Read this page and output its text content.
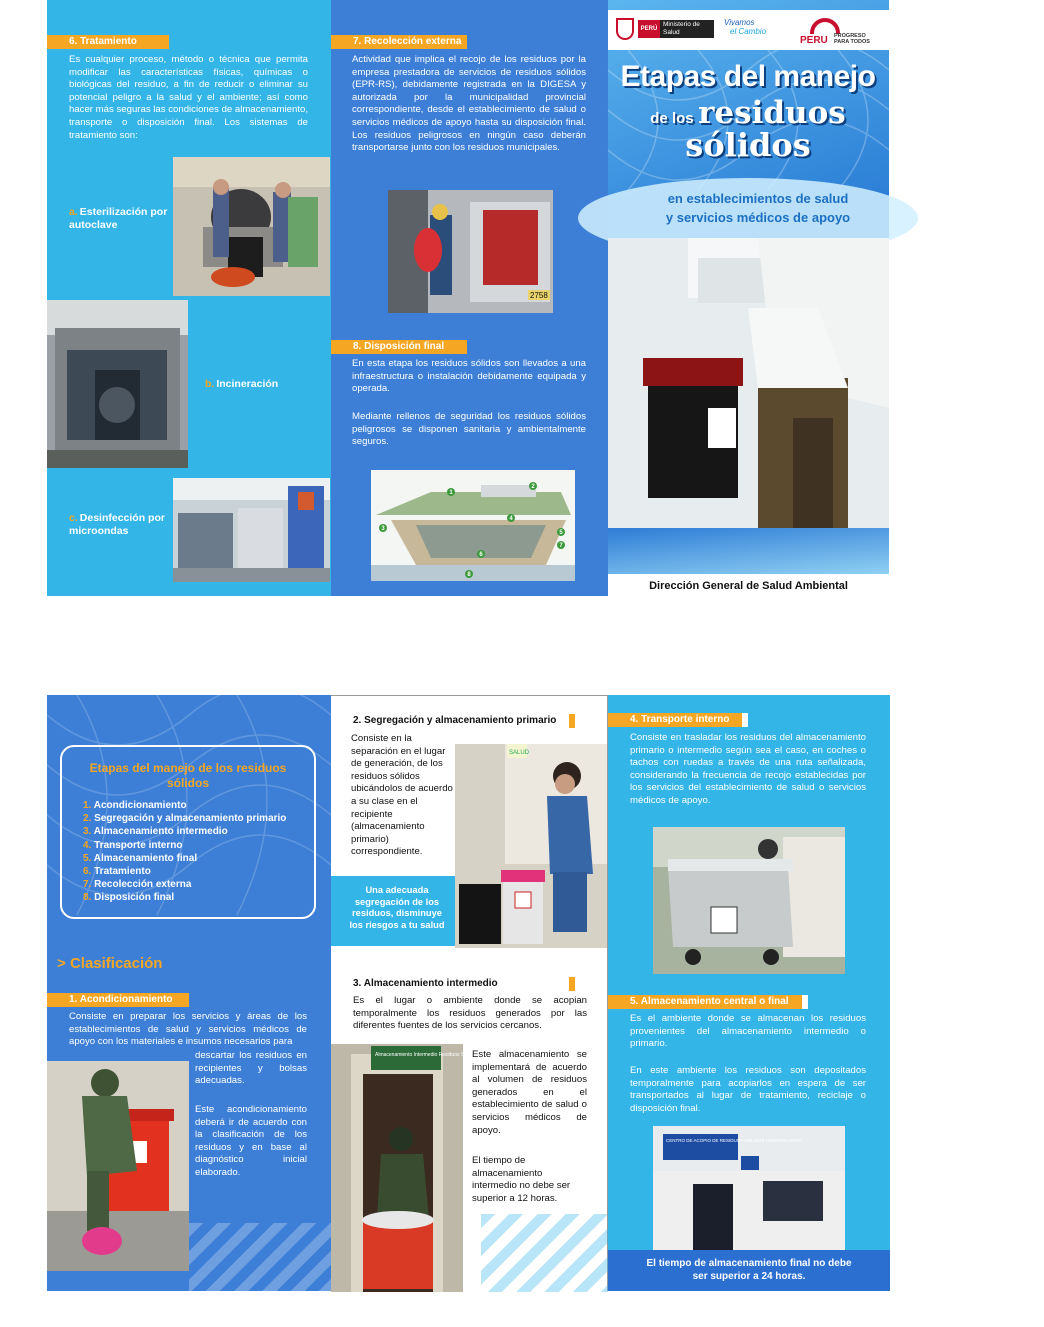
6. Tratamiento
Es cualquier proceso, método o técnica que permita modificar las características físicas, químicas o biológicas del residuo, a fin de reducir o eliminar su potencial peligro a la salud y el ambiente; así como hacer más seguras las condiciones de almacenamiento, transporte o disposición final. Los sistemas de tratamiento son:
a. Esterilización por autoclave
b. Incineración
c. Desinfección por microondas
7. Recolección externa
Actividad que implica el recojo de los residuos por la empresa prestadora de servicios de residuos sólidos (EPR-RS), debidamente registrada en la DIGESA y autorizada por la municipalidad provincial correspondiente, desde el establecimiento de salud o servicios médicos de apoyo hasta su disposición final. Los residuos peligrosos en ningún caso deberán transportarse junto con los residuos municipales.
2758
8. Disposición final
En esta etapa los residuos sólidos son llevados a una infraestructura o instalación debidamente equipada y operada.
Mediante rellenos de seguridad los residuos sólidos peligrosos se disponen sanitaria y ambientalmente seguros.
1
2
3
4
5
6
7
8
PERÚ
Ministerio de Salud
Vivamos
el Cambio
PERU PROGRESO PARA TODOS
Etapas del manejo
de los residuos
sólidos
en establecimientos de salud
y servicios médicos de apoyo
Dirección General de Salud Ambiental
Etapas del manejo de los residuos sólidos
1. Acondicionamiento
2. Segregación y almacenamiento primario
3. Almacenamiento intermedio
4. Transporte interno
5. Almacenamiento final
6. Tratamiento
7. Recolección externa
8. Disposición final
> Clasificación
1. Acondicionamiento
Consiste en preparar los servicios y áreas de los establecimientos de salud y servicios médicos de apoyo con los materiales e insumos necesarios para
descartar los residuos en recipientes y bolsas adecuadas.
Este acondicionamiento deberá ir de acuerdo con la clasificación de los residuos y en base al diagnóstico inicial elaborado.
2. Segregación y almacenamiento primario
Consiste en la separación en el lugar de generación, de los residuos sólidos ubicándolos de acuerdo a su clase en el recipiente (almacenamiento primario) correspondiente.
Una adecuada segregación de los residuos, disminuye los riesgos a tu salud
SALUD
3. Almacenamiento intermedio
Es el lugar o ambiente donde se acopian temporalmente los residuos generados por las diferentes fuentes de los servicios cercanos.
Almacenamiento Intermedio Residuos Sólidos
Este almacenamiento se implementará de acuerdo al volumen de residuos generados en el establecimiento de salud o servicios médicos de apoyo.
El tiempo de almacenamiento intermedio no debe ser superior a 12 horas.
4. Transporte interno
Consiste en trasladar los residuos del almacenamiento primario o intermedio según sea el caso, en coches o tachos con ruedas a través de una ruta señalizada, considerando la frecuencia de recojo establecidas por los servicios del establecimiento de salud o servicios médicos de apoyo.
5. Almacenamiento central o final
Es el ambiente donde se almacenan los residuos provenientes del almacenamiento intermedio o primario.
En este ambiente los residuos son depositados temporalmente para acopiarlos en espera de ser transportados al lugar de tratamiento, reciclaje o disposición final.
CENTRO DE ACOPIO DE RESIDUOS SÓLIDOS HOSPITALARIOS
El tiempo de almacenamiento final no debe ser superior a 24 horas.
